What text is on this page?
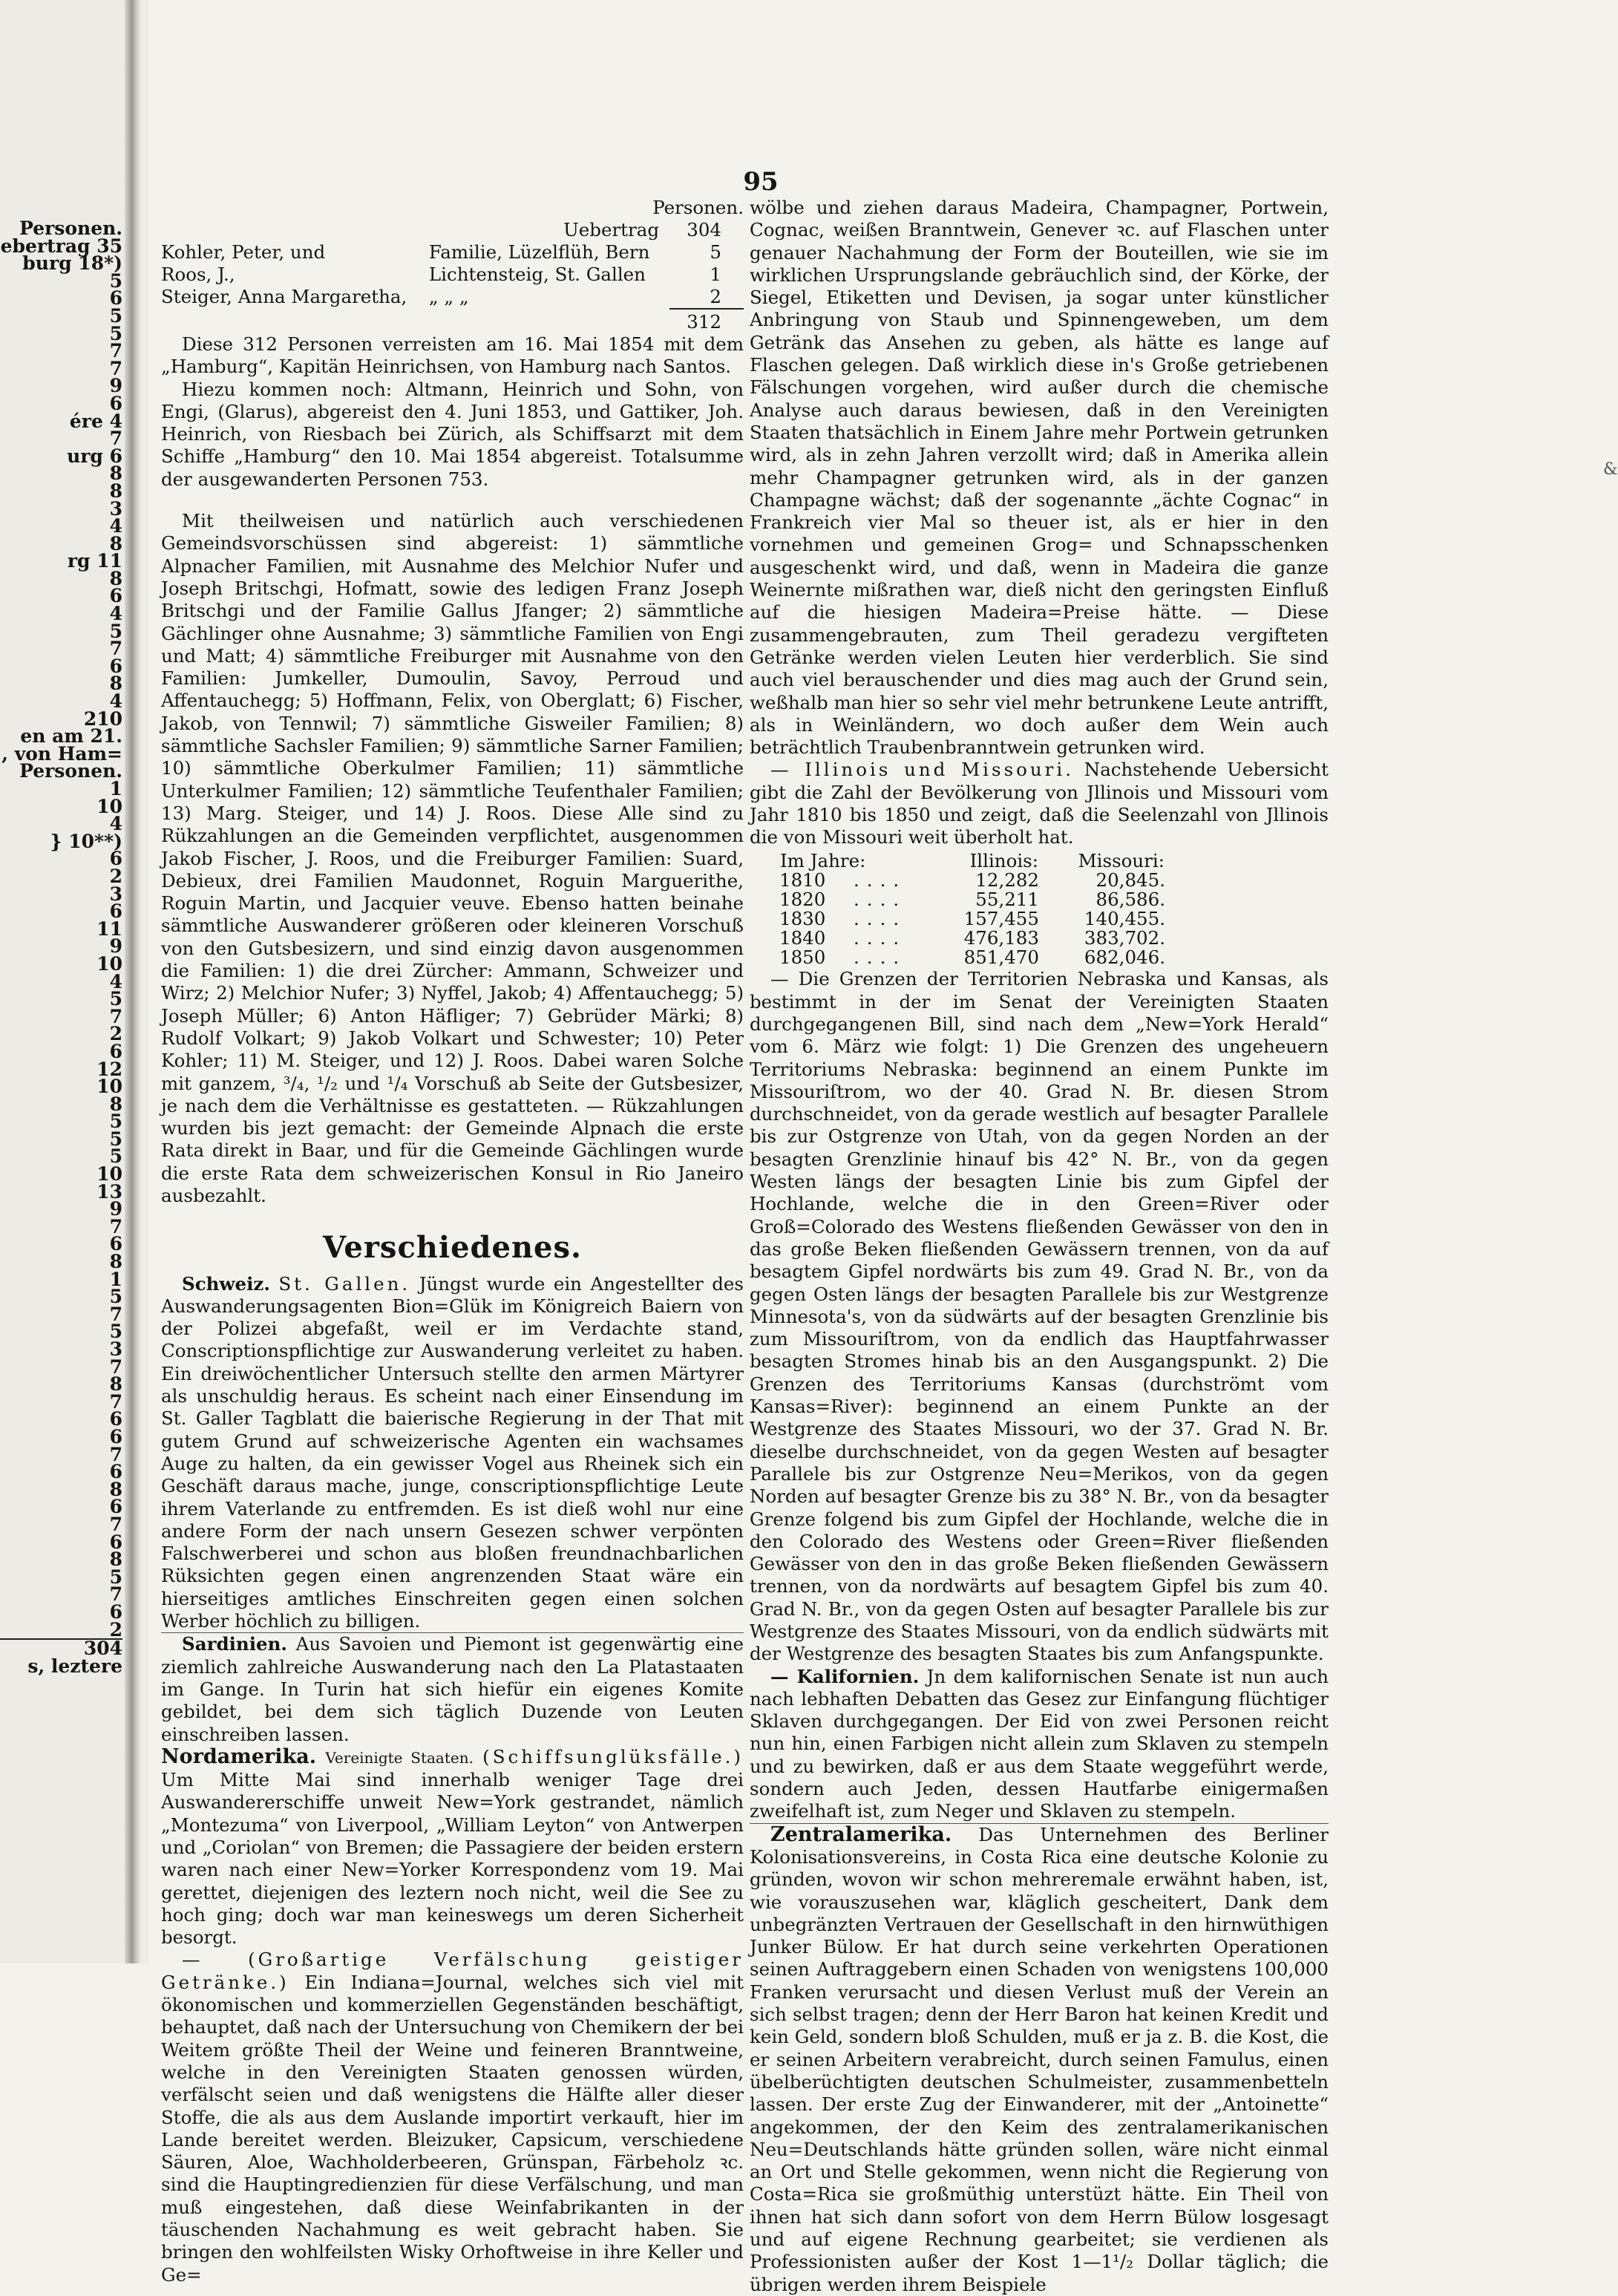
Personen.
ebertrag 35
burg 18*)
5
6
5
5
7
7
9
6
ére 4
7
urg 6
8
8
3
4
8
rg 11
8
6
4
5
7
6
8
4
210
en am 21.
, von Ham=
Personen.
1
10
4
} 10**)
6
2
3
6
11
9
10
4
5
7
2
6
12
10
8
5
5
5
10
13
9
7
6
8
1
5
7
5
3
7
8
7
6
6
7
6
8
6
7
6
8
5
7
6
2
304
s, leztere
95
&
Personen.		
	Uebertrag	304
Kohler, Peter, und	Familie, Lüzelflüh, Bern	5
Roos, J.,	Lichtensteig, St. Gallen	1
Steiger, Anna Margaretha,	„ „ „	2
		312

Diese 312 Personen verreisten am 16. Mai 1854 mit dem „Hamburg“, Kapitän Heinrichsen, von Hamburg nach Santos.

Hiezu kommen noch: Altmann, Heinrich und Sohn, von Engi, (Glarus), abgereist den 4. Juni 1853, und Gattiker, Joh. Heinrich, von Riesbach bei Zürich, als Schiffsarzt mit dem Schiffe „Hamburg“ den 10. Mai 1854 abgereist. Totalsumme der ausgewanderten Personen 753.

Mit theilweisen und natürlich auch verschiedenen Gemeindsvorschüssen sind abgereist: 1) sämmtliche Alpnacher Familien, mit Ausnahme des Melchior Nufer und Joseph Britschgi, Hofmatt, sowie des ledigen Franz Joseph Britschgi und der Familie Gallus Jfanger; 2) sämmtliche Gächlinger ohne Ausnahme; 3) sämmtliche Familien von Engi und Matt; 4) sämmtliche Freiburger mit Ausnahme von den Familien: Jumkeller, Dumoulin, Savoy, Perroud und Affentauchegg; 5) Hoffmann, Felix, von Oberglatt; 6) Fischer, Jakob, von Tennwil; 7) sämmtliche Gisweiler Familien; 8) sämmtliche Sachsler Familien; 9) sämmtliche Sarner Familien; 10) sämmtliche Oberkulmer Familien; 11) sämmtliche Unterkulmer Familien; 12) sämmtliche Teufenthaler Familien; 13) Marg. Steiger, und 14) J. Roos. Diese Alle sind zu Rükzahlungen an die Gemeinden verpflichtet, ausgenommen Jakob Fischer, J. Roos, und die Freiburger Familien: Suard, Debieux, drei Familien Maudonnet, Roguin Marguerithe, Roguin Martin, und Jacquier veuve. Ebenso hatten beinahe sämmtliche Auswanderer größeren oder kleineren Vorschuß von den Gutsbesizern, und sind einzig davon ausgenommen die Familien: 1) die drei Zürcher: Ammann, Schweizer und Wirz; 2) Melchior Nufer; 3) Nyffel, Jakob; 4) Affentauchegg; 5) Joseph Müller; 6) Anton Häfliger; 7) Gebrüder Märki; 8) Rudolf Volkart; 9) Jakob Volkart und Schwester; 10) Peter Kohler; 11) M. Steiger, und 12) J. Roos. Dabei waren Solche mit ganzem, ³/₄, ¹/₂ und ¹/₄ Vorschuß ab Seite der Gutsbesizer, je nach dem die Verhältnisse es gestatteten. — Rükzahlungen wurden bis jezt gemacht: der Gemeinde Alpnach die erste Rata direkt in Baar, und für die Gemeinde Gächlingen wurde die erste Rata dem schweizerischen Konsul in Rio Janeiro ausbezahlt.

Verschiedenes.

Schweiz. St. Gallen. Jüngst wurde ein Angestellter des Auswanderungsagenten Bion=Glük im Königreich Baiern von der Polizei abgefaßt, weil er im Verdachte stand, Conscriptionspflichtige zur Auswanderung verleitet zu haben. Ein dreiwöchentlicher Untersuch stellte den armen Märtyrer als unschuldig heraus. Es scheint nach einer Einsendung im St. Galler Tagblatt die baierische Regierung in der That mit gutem Grund auf schweizerische Agenten ein wachsames Auge zu halten, da ein gewisser Vogel aus Rheinek sich ein Geschäft daraus mache, junge, conscriptionspflichtige Leute ihrem Vaterlande zu entfremden. Es ist dieß wohl nur eine andere Form der nach unsern Gesezen schwer verpönten Falschwerberei und schon aus bloßen freundnachbarlichen Rüksichten gegen einen angrenzenden Staat wäre ein hierseitiges amtliches Einschreiten gegen einen solchen Werber höchlich zu billigen.

Sardinien. Aus Savoien und Piemont ist gegenwärtig eine ziemlich zahlreiche Auswanderung nach den La Platastaaten im Gange. In Turin hat sich hiefür ein eigenes Komite gebildet, bei dem sich täglich Duzende von Leuten einschreiben lassen.

Nordamerika. Vereinigte Staaten. (Schiffsunglüksfälle.) Um Mitte Mai sind innerhalb weniger Tage drei Auswandererschiffe unweit New=York gestrandet, nämlich „Montezuma“ von Liverpool, „William Leyton“ von Antwerpen und „Coriolan“ von Bremen; die Passagiere der beiden erstern waren nach einer New=Yorker Korrespondenz vom 19. Mai gerettet, diejenigen des leztern noch nicht, weil die See zu hoch ging; doch war man keineswegs um deren Sicherheit besorgt.

— (Großartige Verfälschung geistiger Getränke.) Ein Indiana=Journal, welches sich viel mit ökonomischen und kommerziellen Gegenständen beschäftigt, behauptet, daß nach der Untersuchung von Chemikern der bei Weitem größte Theil der Weine und feineren Branntweine, welche in den Vereinigten Staaten genossen würden, verfälscht seien und daß wenigstens die Hälfte aller dieser Stoffe, die als aus dem Auslande importirt verkauft, hier im Lande bereitet werden. Bleizuker, Capsicum, verschiedene Säuren, Aloe, Wachholderbeeren, Grünspan, Färbeholz ꝛc. sind die Hauptingredienzien für diese Verfälschung, und man muß eingestehen, daß diese Weinfabrikanten in der täuschenden Nachahmung es weit gebracht haben. Sie bringen den wohlfeilsten Wisky Orhoftweise in ihre Keller und Ge=

wölbe und ziehen daraus Madeira, Champagner, Portwein, Cognac, weißen Branntwein, Genever ꝛc. auf Flaschen unter genauer Nachahmung der Form der Bouteillen, wie sie im wirklichen Ursprungslande gebräuchlich sind, der Körke, der Siegel, Etiketten und Devisen, ja sogar unter künstlicher Anbringung von Staub und Spinnengeweben, um dem Getränk das Ansehen zu geben, als hätte es lange auf Flaschen gelegen. Daß wirklich diese in's Große getriebenen Fälschungen vorgehen, wird außer durch die chemische Analyse auch daraus bewiesen, daß in den Vereinigten Staaten thatsächlich in Einem Jahre mehr Portwein getrunken wird, als in zehn Jahren verzollt wird; daß in Amerika allein mehr Champagner getrunken wird, als in der ganzen Champagne wächst; daß der sogenannte „ächte Cognac“ in Frankreich vier Mal so theuer ist, als er hier in den vornehmen und gemeinen Grog= und Schnapsschenken ausgeschenkt wird, und daß, wenn in Madeira die ganze Weinernte mißrathen war, dieß nicht den geringsten Einfluß auf die hiesigen Madeira=Preise hätte. — Diese zusammengebrauten, zum Theil geradezu vergifteten Getränke werden vielen Leuten hier verderblich. Sie sind auch viel berauschender und dies mag auch der Grund sein, weßhalb man hier so sehr viel mehr betrunkene Leute antrifft, als in Weinländern, wo doch außer dem Wein auch beträchtlich Traubenbranntwein getrunken wird.

— Illinois und Missouri. Nachstehende Uebersicht gibt die Zahl der Bevölkerung von Jllinois und Missouri vom Jahr 1810 bis 1850 und zeigt, daß die Seelenzahl von Jllinois die von Missouri weit überholt hat.

Im Jahre:		Illinois:	Missouri:
1810	....	12,282	20,845.
1820	....	55,211	86,586.
1830	....	157,455	140,455.
1840	....	476,183	383,702.
1850	....	851,470	682,046.

— Die Grenzen der Territorien Nebraska und Kansas, als bestimmt in der im Senat der Vereinigten Staaten durchgegangenen Bill, sind nach dem „New=York Herald“ vom 6. März wie folgt: 1) Die Grenzen des ungeheuern Territoriums Nebraska: beginnend an einem Punkte im Missouriſtrom, wo der 40. Grad N. Br. diesen Strom durchschneidet, von da gerade westlich auf besagter Parallele bis zur Ostgrenze von Utah, von da gegen Norden an der besagten Grenzlinie hinauf bis 42° N. Br., von da gegen Westen längs der besagten Linie bis zum Gipfel der Hochlande, welche die in den Green=River oder Groß=Colorado des Westens fließenden Gewässer von den in das große Beken fließenden Gewässern trennen, von da auf besagtem Gipfel nordwärts bis zum 49. Grad N. Br., von da gegen Osten längs der besagten Parallele bis zur Westgrenze Minnesota's, von da südwärts auf der besagten Grenzlinie bis zum Missouriſtrom, von da endlich das Hauptfahrwasser besagten Stromes hinab bis an den Ausgangspunkt. 2) Die Grenzen des Territoriums Kansas (durchströmt vom Kansas=River): beginnend an einem Punkte an der Westgrenze des Staates Missouri, wo der 37. Grad N. Br. dieselbe durchschneidet, von da gegen Westen auf besagter Parallele bis zur Ostgrenze Neu=Merikos, von da gegen Norden auf besagter Grenze bis zu 38° N. Br., von da besagter Grenze folgend bis zum Gipfel der Hochlande, welche die in den Colorado des Westens oder Green=River fließenden Gewässer von den in das große Beken fließenden Gewässern trennen, von da nordwärts auf besagtem Gipfel bis zum 40. Grad N. Br., von da gegen Osten auf besagter Parallele bis zur Westgrenze des Staates Missouri, von da endlich südwärts mit der Westgrenze des besagten Staates bis zum Anfangspunkte.

— Kalifornien. Jn dem kalifornischen Senate ist nun auch nach lebhaften Debatten das Gesez zur Einfangung flüchtiger Sklaven durchgegangen. Der Eid von zwei Personen reicht nun hin, einen Farbigen nicht allein zum Sklaven zu stempeln und zu bewirken, daß er aus dem Staate weggeführt werde, sondern auch Jeden, dessen Hautfarbe einigermaßen zweifelhaft ist, zum Neger und Sklaven zu stempeln.

Zentralamerika. Das Unternehmen des Berliner Kolonisationsvereins, in Costa Rica eine deutsche Kolonie zu gründen, wovon wir schon mehreremale erwähnt haben, ist, wie vorauszusehen war, kläglich gescheitert, Dank dem unbegränzten Vertrauen der Gesellschaft in den hirnwüthigen Junker Bülow. Er hat durch seine verkehrten Operationen seinen Auftraggebern einen Schaden von wenigstens 100,000 Franken verursacht und diesen Verlust muß der Verein an sich selbst tragen; denn der Herr Baron hat keinen Kredit und kein Geld, sondern bloß Schulden, muß er ja z. B. die Kost, die er seinen Arbeitern verabreicht, durch seinen Famulus, einen übelberüchtigten deutschen Schulmeister, zusammenbetteln lassen. Der erste Zug der Einwanderer, mit der „Antoinette“ angekommen, der den Keim des zentralamerikanischen Neu=Deutschlands hätte gründen sollen, wäre nicht einmal an Ort und Stelle gekommen, wenn nicht die Regierung von Costa=Rica sie großmüthig unterstüzt hätte. Ein Theil von ihnen hat sich dann sofort von dem Herrn Bülow losgesagt und auf eigene Rechnung gearbeitet; sie verdienen als Professionisten außer der Kost 1—1¹/₂ Dollar täglich; die übrigen werden ihrem Beispiele
